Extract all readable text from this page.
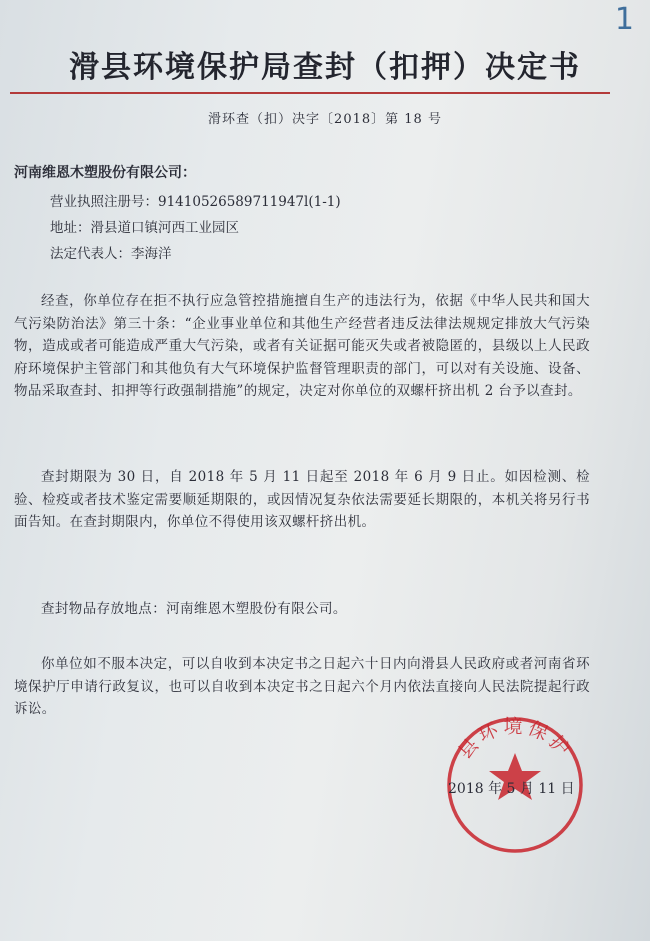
1
滑县环境保护局查封（扣押）决定书
滑环查（扣）决字〔2018〕第 18 号
河南维恩木塑股份有限公司：
营业执照注册号：91410526589711947l(1-1)
地址：滑县道口镇河西工业园区
法定代表人：李海洋

经查，你单位存在拒不执行应急管控措施擅自生产的违法行为，依据《中华人民共和国大气污染防治法》第三十条：“企业事业单位和其他生产经营者违反法律法规规定排放大气污染物，造成或者可能造成严重大气污染，或者有关证据可能灭失或者被隐匿的，县级以上人民政府环境保护主管部门和其他负有大气环境保护监督管理职责的部门，可以对有关设施、设备、物品采取查封、扣押等行政强制措施”的规定，决定对你单位的双螺杆挤出机 2 台予以查封。

查封期限为 30 日，自 2018 年 5 月 11 日起至 2018 年 6 月 9 日止。如因检测、检验、检疫或者技术鉴定需要顺延期限的，或因情况复杂依法需要延长期限的，本机关将另行书面告知。在查封期限内，你单位不得使用该双螺杆挤出机。

查封物品存放地点：河南维恩木塑股份有限公司。

你单位如不服本决定，可以自收到本决定书之日起六十日内向滑县人民政府或者河南省环境保护厅申请行政复议，也可以自收到本决定书之日起六个月内依法直接向人民法院提起行政诉讼。

县环境保护
2018 年 5 月 11 日
